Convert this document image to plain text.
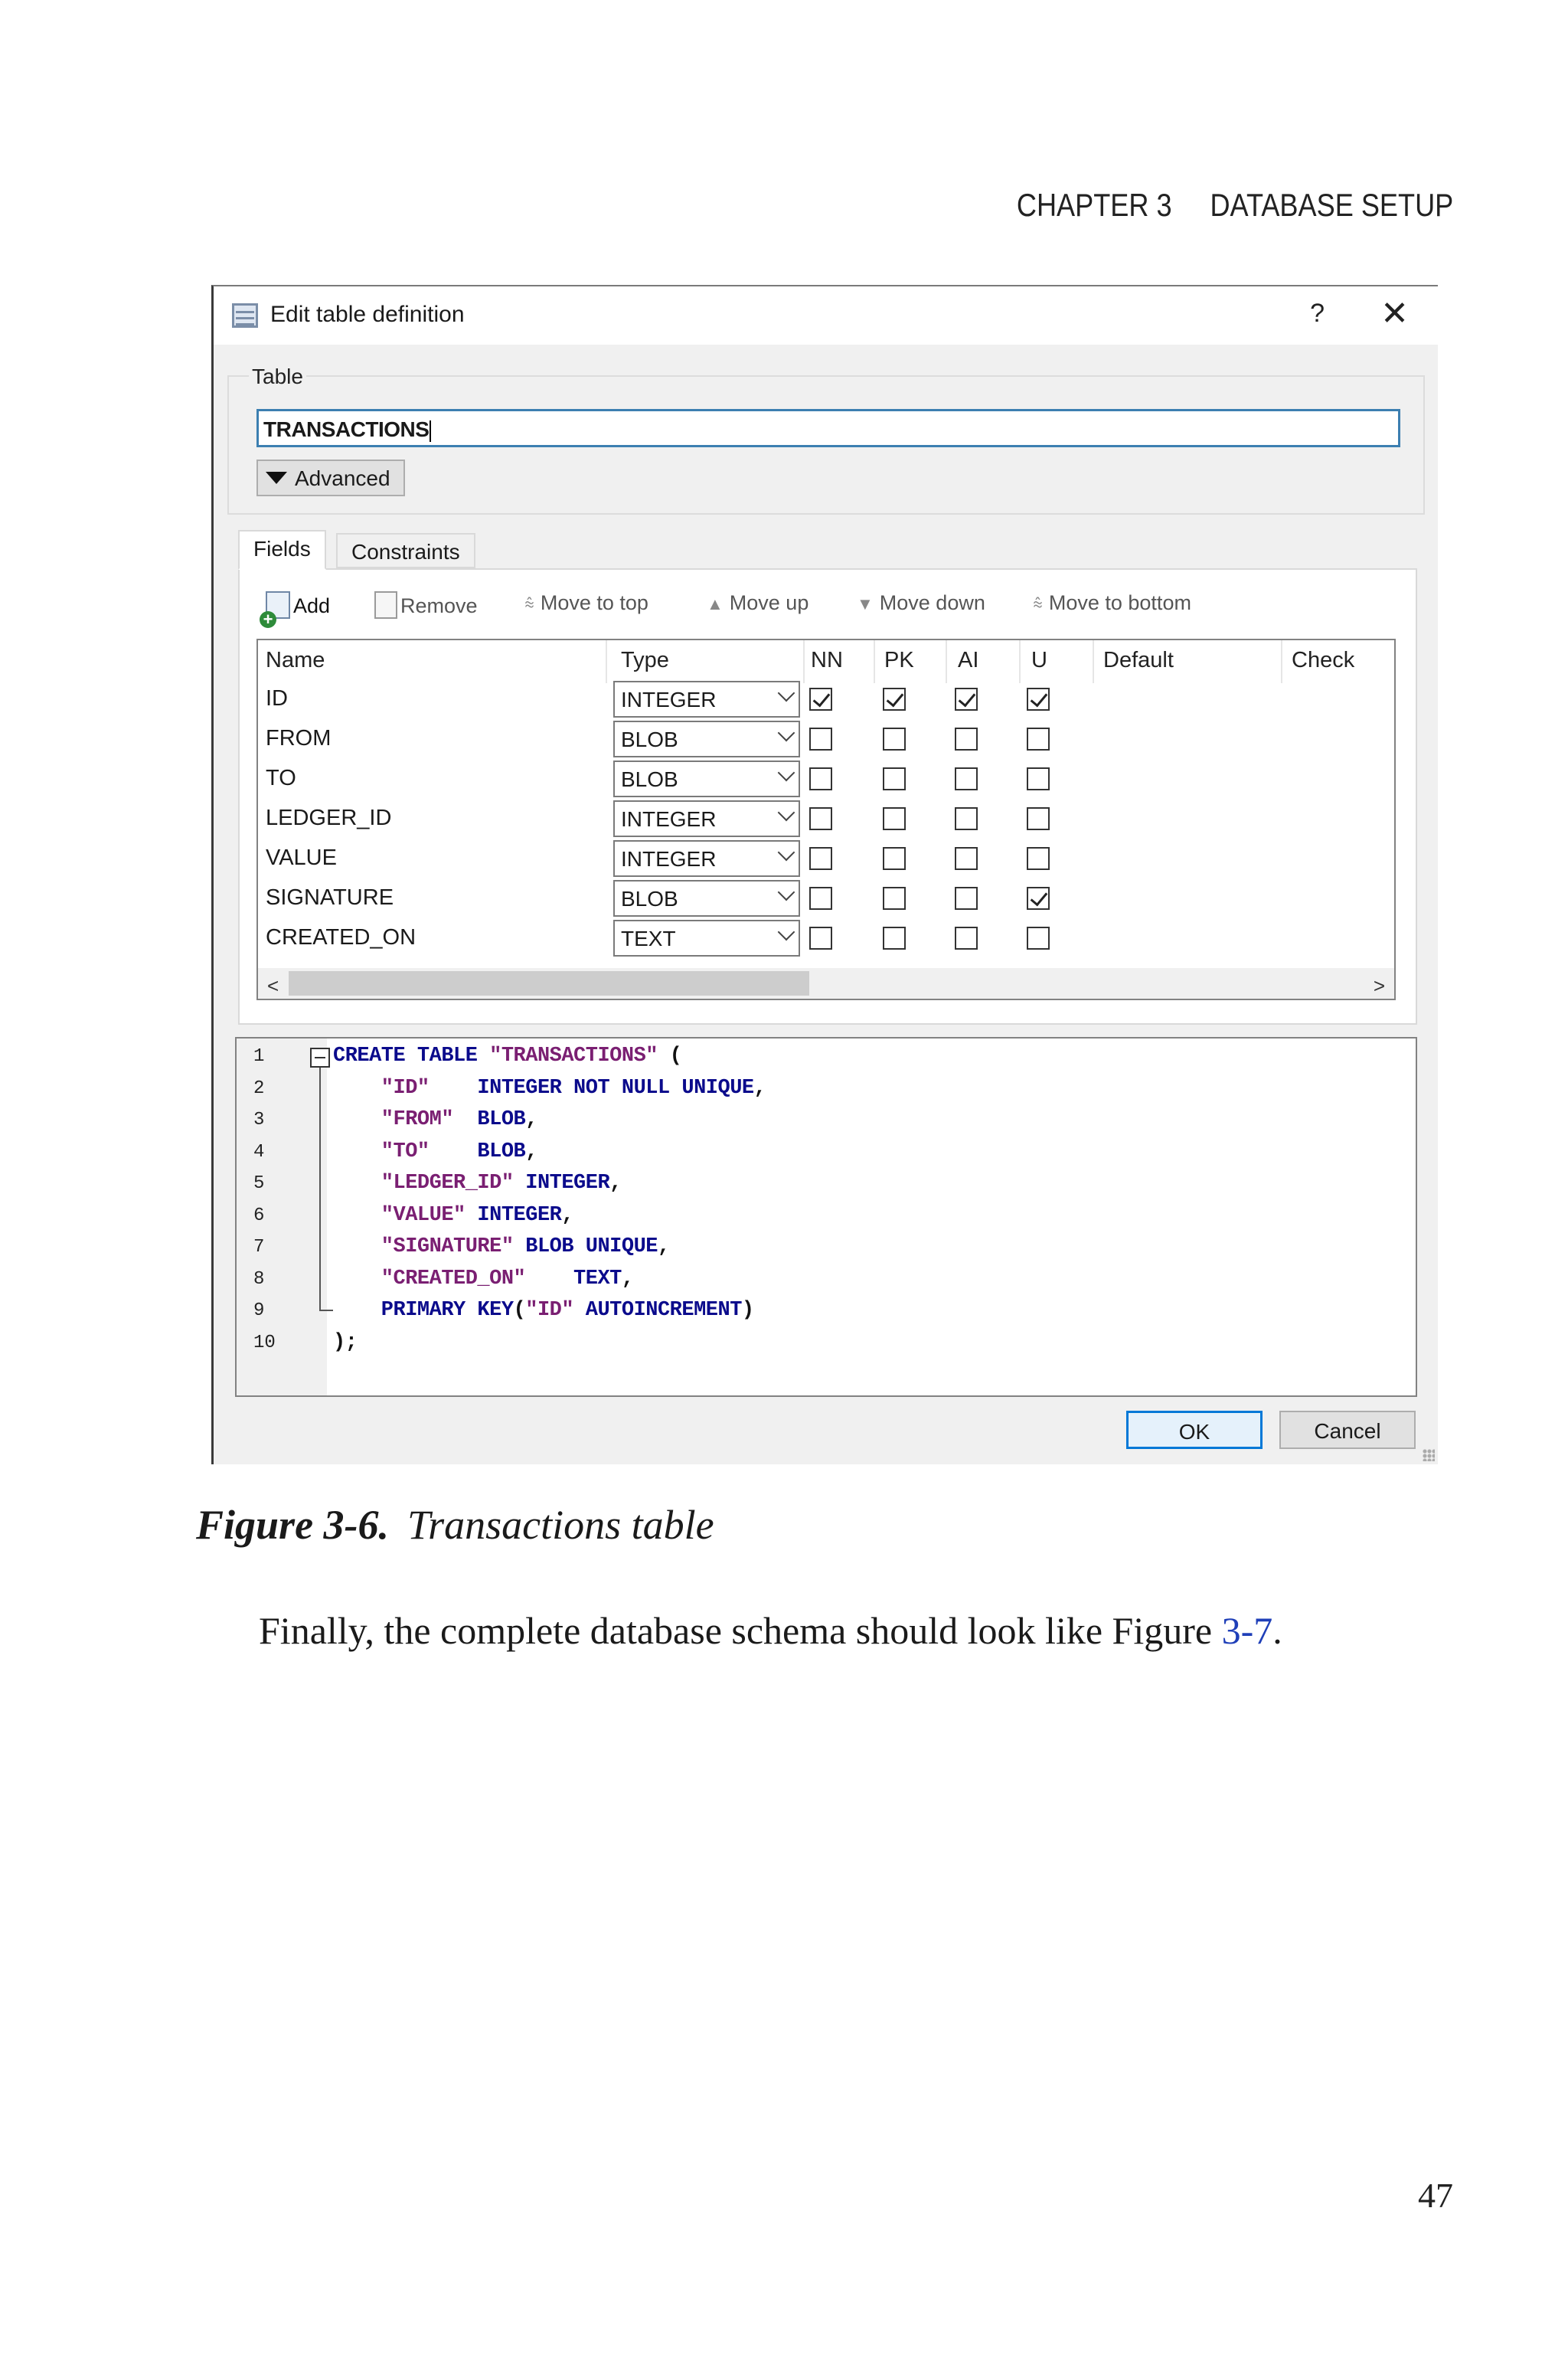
CHAPTER 3 DATABASE SETUP
Edit table definition	? ✕
Table
TRANSACTIONS
Advanced
Fields	Constraints
+Add	Remove	⩯ Move to top	▲ Move up	▼ Move down	⩯ Move to bottom
Name	Type	NN PK AI U	Default	Check
ID	INTEGER
FROM	BLOB
TO	BLOB
LEDGER_ID	INTEGER
VALUE	INTEGER
SIGNATURE	BLOB
CREATED_ON	TEXT
<	>
1
2
3
4
5
6
7
8
9
10
CREATE TABLE "TRANSACTIONS" (
"ID"    INTEGER NOT NULL UNIQUE,
"FROM"  BLOB,
"TO"    BLOB,
"LEDGER_ID" INTEGER,
"VALUE" INTEGER,
"SIGNATURE" BLOB UNIQUE,
"CREATED_ON"    TEXT,
PRIMARY KEY("ID" AUTOINCREMENT)
);
OK	Cancel
Figure 3-6. Transactions table
Finally, the complete database schema should look like Figure 3-7.
47
